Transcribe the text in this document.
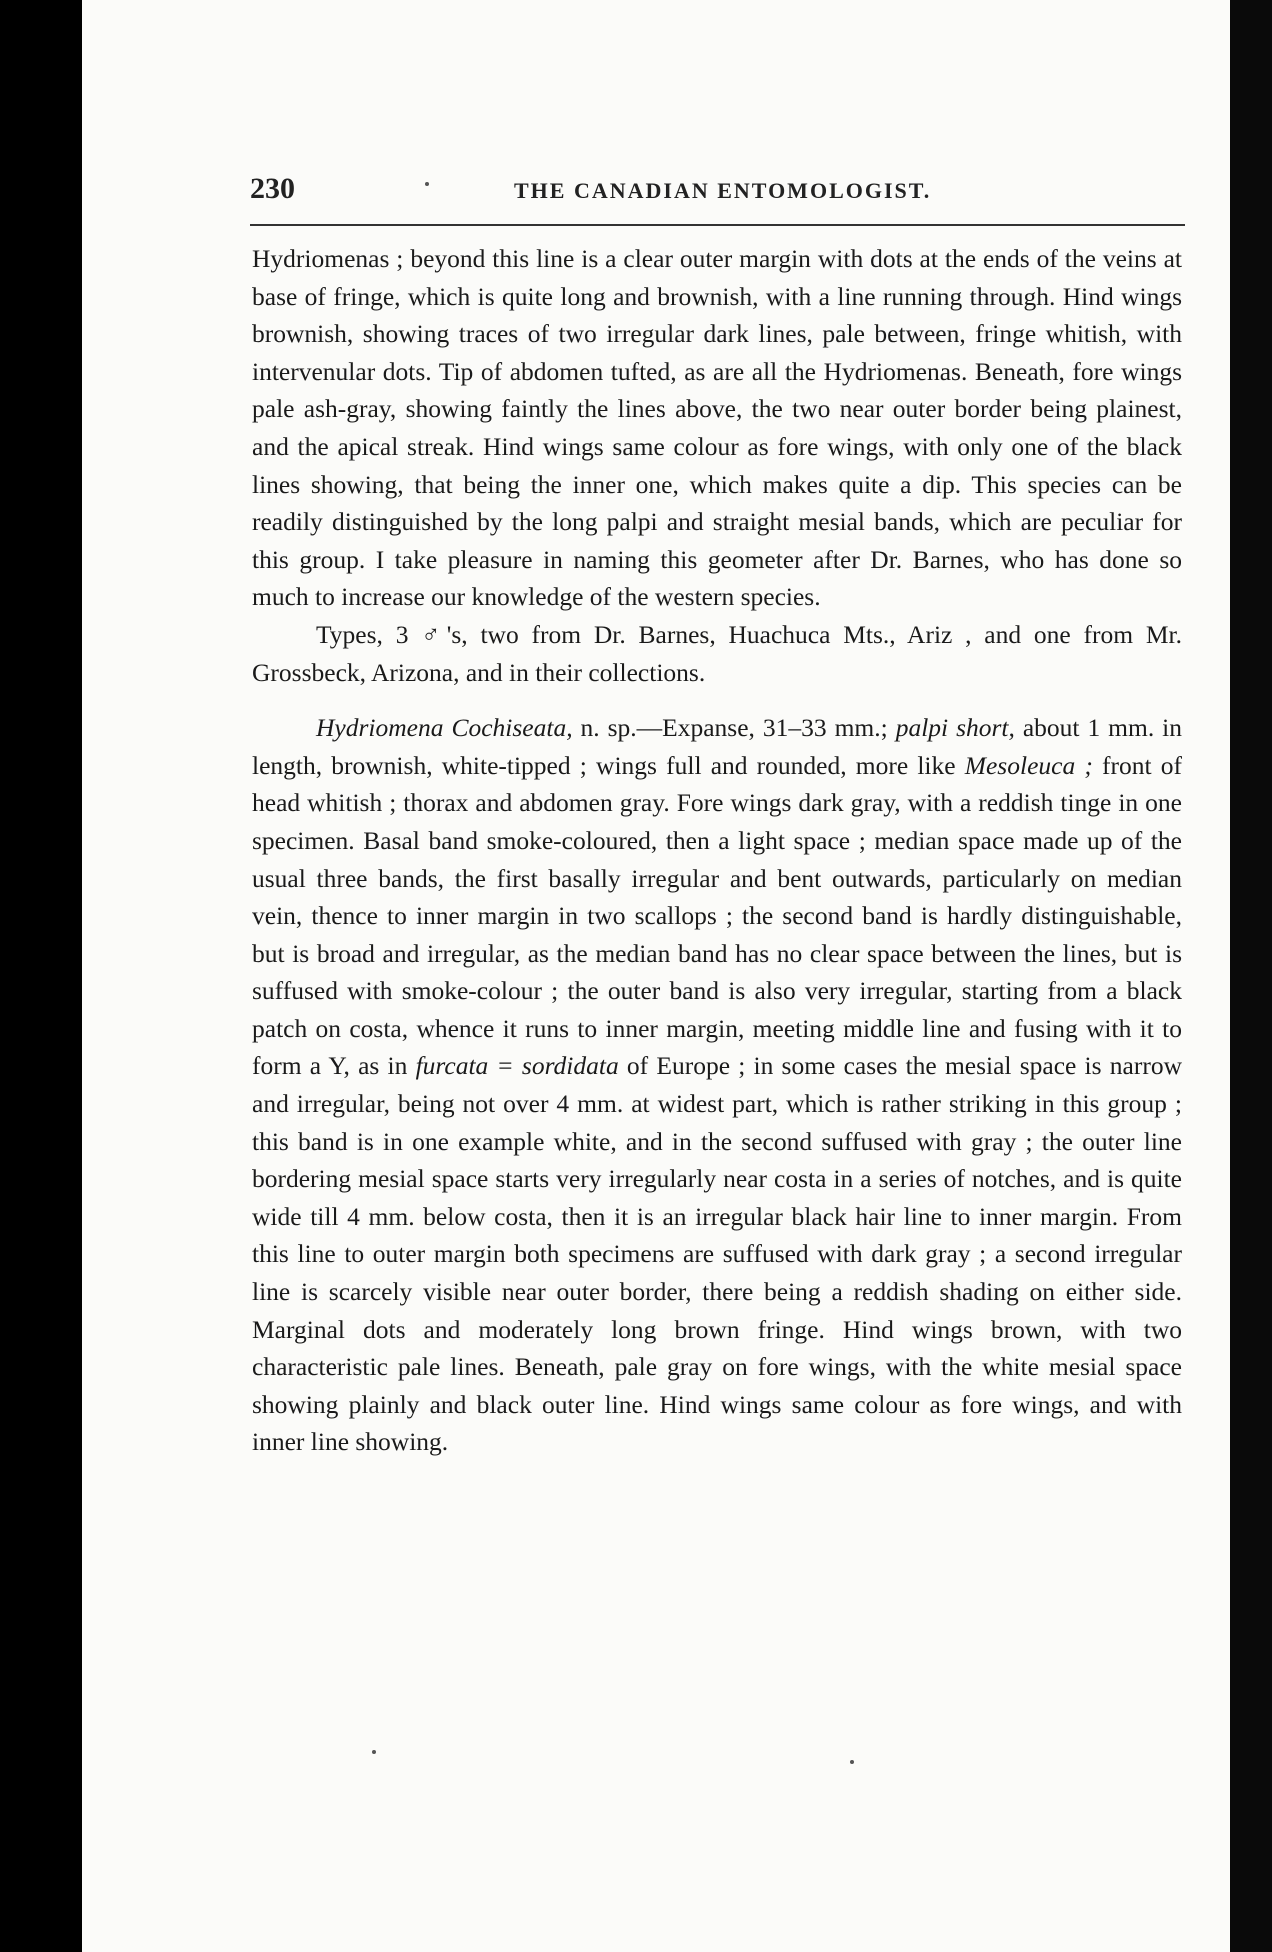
230	THE CANADIAN ENTOMOLOGIST.

Hydriomenas ; beyond this line is a clear outer margin with dots at the ends of the veins at base of fringe, which is quite long and brownish, with a line running through. Hind wings brownish, showing traces of two irregular dark lines, pale between, fringe whitish, with intervenular dots. Tip of abdomen tufted, as are all the Hydriomenas. Beneath, fore wings pale ash-gray, showing faintly the lines above, the two near outer border being plainest, and the apical streak. Hind wings same colour as fore wings, with only one of the black lines showing, that being the inner one, which makes quite a dip. This species can be readily distinguished by the long palpi and straight mesial bands, which are peculiar for this group. I take pleasure in naming this geometer after Dr. Barnes, who has done so much to increase our knowledge of the western species.

Types, 3 ♂'s, two from Dr. Barnes, Huachuca Mts., Ariz , and one from Mr. Grossbeck, Arizona, and in their collections.

Hydriomena Cochiseata, n. sp.—Expanse, 31–33 mm.; palpi short, about 1 mm. in length, brownish, white-tipped ; wings full and rounded, more like Mesoleuca ; front of head whitish ; thorax and abdomen gray. Fore wings dark gray, with a reddish tinge in one specimen. Basal band smoke-coloured, then a light space ; median space made up of the usual three bands, the first basally irregular and bent outwards, particularly on median vein, thence to inner margin in two scallops ; the second band is hardly distinguishable, but is broad and irregular, as the median band has no clear space between the lines, but is suffused with smoke-colour ; the outer band is also very irregular, starting from a black patch on costa, whence it runs to inner margin, meeting middle line and fusing with it to form a Y, as in furcata = sordidata of Europe ; in some cases the mesial space is narrow and irregular, being not over 4 mm. at widest part, which is rather striking in this group ; this band is in one example white, and in the second suffused with gray ; the outer line bordering mesial space starts very irregularly near costa in a series of notches, and is quite wide till 4 mm. below costa, then it is an irregular black hair line to inner margin. From this line to outer margin both specimens are suffused with dark gray ; a second irregular line is scarcely visible near outer border, there being a reddish shading on either side. Marginal dots and moderately long brown fringe. Hind wings brown, with two characteristic pale lines. Beneath, pale gray on fore wings, with the white mesial space showing plainly and black outer line. Hind wings same colour as fore wings, and with inner line showing.
